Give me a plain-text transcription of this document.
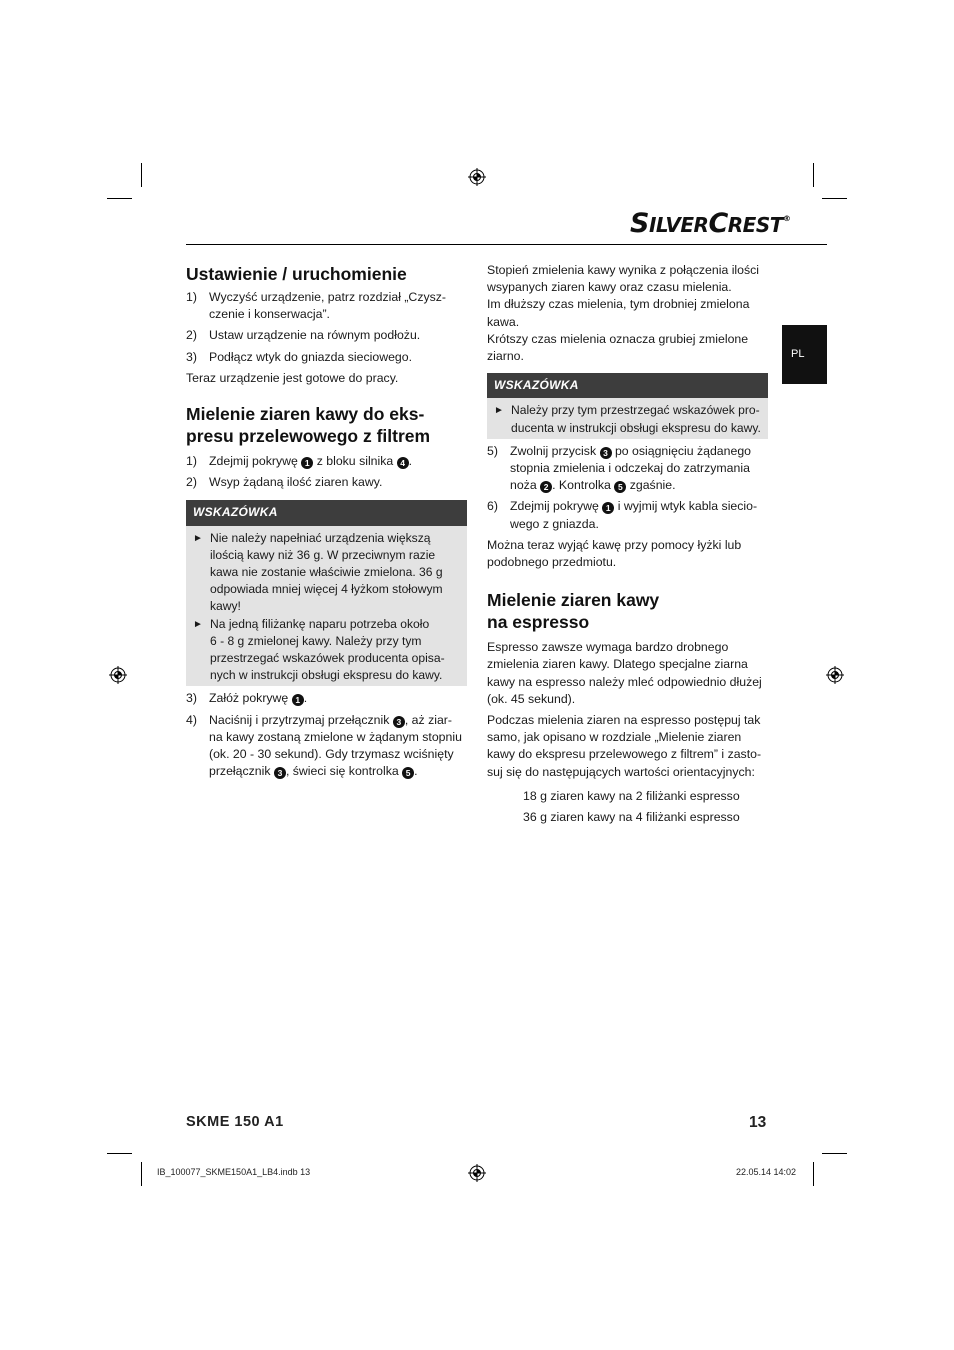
SILVERCREST®
PL
Ustawienie / uruchomienie
1) Wyczyść urządzenie, patrz rozdział „Czysz-
czenie i konserwacja”.
2) Ustaw urządzenie na równym podłożu.
3) Podłącz wtyk do gniazda sieciowego.

Teraz urządzenie jest gotowe do pracy.

Mielenie ziaren kawy do eks-
presu przelewowego z filtrem
1) Zdejmij pokrywę 1 z bloku silnika 4 .
2) Wsyp żądaną ilość ziaren kawy.
WSKAZÓWKA
► Nie należy napełniać urządzenia większą
ilością kawy niż 36 g. W przeciwnym razie
kawa nie zostanie właściwie zmielona. 36 g
odpowiada mniej więcej 4 łyżkom stołowym
kawy!
► Na jedną filiżankę naparu potrzeba około
6 - 8 g zmielonej kawy. Należy przy tym
przestrzegać wskazówek producenta opisa-
nych w instrukcji obsługi ekspresu do kawy.
3) Załóż pokrywę 1 .
4) Naciśnij i przytrzymaj przełącznik 3 , aż ziar-
na kawy zostaną zmielone w żądanym stopniu
(ok. 20 - 30 sekund). Gdy trzymasz wciśnięty
przełącznik 3 , świeci się kontrolka 5 .

Stopień zmielenia kawy wynika z połączenia ilości
wsypanych ziaren kawy oraz czasu mielenia.
Im dłuższy czas mielenia, tym drobniej zmielona
kawa.
Krótszy czas mielenia oznacza grubiej zmielone
ziarno.

WSKAZÓWKA
► Należy przy tym przestrzegać wskazówek pro-
ducenta w instrukcji obsługi ekspresu do kawy.
5) Zwolnij przycisk 3 po osiągnięciu żądanego
stopnia zmielenia i odczekaj do zatrzymania
noża 2 . Kontrolka 5 zgaśnie.
6) Zdejmij pokrywę 1 i wyjmij wtyk kabla siecio-
wego z gniazda.

Można teraz wyjąć kawę przy pomocy łyżki lub
podobnego przedmiotu.

Mielenie ziaren kawy
na espresso

Espresso zawsze wymaga bardzo drobnego
zmielenia ziaren kawy. Dlatego specjalne ziarna
kawy na espresso należy mleć odpowiednio dłużej
(ok. 45 sekund).

Podczas mielenia ziaren na espresso postępuj tak
samo, jak opisano w rozdziale „Mielenie ziaren
kawy do ekspresu przelewowego z filtrem” i zasto-
suj się do następujących wartości orientacyjnych:

18 g ziaren kawy na 2 filiżanki espresso

36 g ziaren kawy na 4 filiżanki espresso

SKME 150 A1	13
IB_100077_SKME150A1_LB4.indb 13	22.05.14 14:02
